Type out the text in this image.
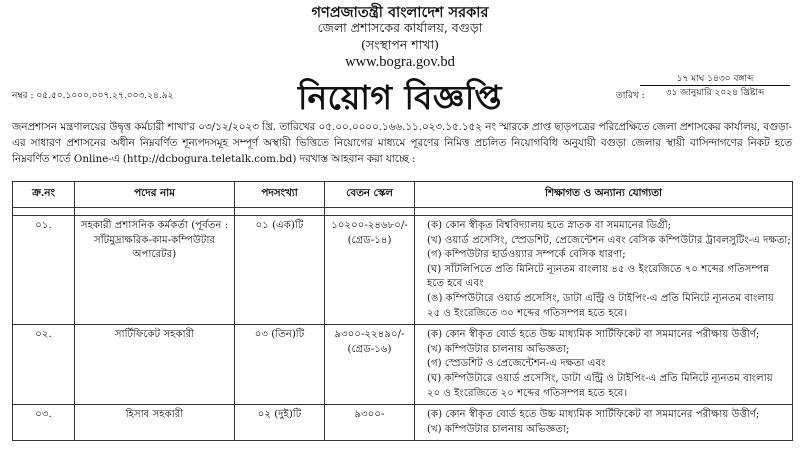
গণপ্রজাতন্ত্রী বাংলাদেশ সরকার
জেলা প্রশাসকের কার্যালয়, বগুড়া
(সংস্থাপন শাখা)
www.bogra.gov.bd
নম্বর : ০৫.৫০.১০০০.০০৭.২৭.০০৩.২৪.৯২	নিয়োগ বিজ্ঞপ্তি	তারিখ :
১৭ মাঘ ১৪৩০ বঙ্গাব্দ
৩১ জানুয়ারি ২০২৪ খ্রিষ্টাব্দ

জনপ্রশাসন মন্ত্রণালয়ের উদ্বৃত্ত কর্মচারী শাখা'র ০৩/১২/২০২৩ খ্রি. তারিখের ০৫.০০.০০০০.১৬৬.১১.০২৩.১৫.১৫২ নং স্মারকে প্রাপ্ত ছাড়পত্রের পরিপ্রেক্ষিতে জেলা প্রশাসকের কার্যালয়, বগুড়া-এর সাধারণ প্রশাসনের অধীন নিম্নবর্ণিত শূন্যপদসমূহ সম্পূর্ণ অস্থায়ী ভিত্তিতে নিয়োগের মাধ্যমে পূরণের নিমিত্ত প্রচলিত নিয়োগবিধি অনুযায়ী বগুড়া জেলার স্থায়ী বাসিন্দাগণের নিকট হতে নিম্নবর্ণিত শর্তে Online-এ (http://dcbogura.teletalk.com.bd) দরখাস্ত আহবান করা যাচ্ছে :

ক্র.নং	পদের নাম	পদসংখ্যা	বেতন স্কেল	শিক্ষাগত ও অন্যান্য যোগ্যতা

০১.	সহকারী প্রশাসনিক কর্মকর্তা (পূর্বতন : সাঁটমুদ্রাক্ষরিক-কাম-কম্পিউটার অপারেটর)	০১ (এক)টি	১০২০০-২৪৬৮০/-
(গ্রেড-১৪)	(ক) কোন স্বীকৃত বিশ্ববিদ্যালয় হতে স্নাতক বা সমমানের ডিগ্রী;
(খ) ওয়ার্ড প্রসেসিং, স্প্রেডশিট, প্রেজেন্টেশন এবং বেসিক কম্পিউটার ট্রাবলসুটিং-এ দক্ষতা;
(গ) কম্পিউটার হার্ডওয়্যার সম্পর্কে বেসিক ধারণা;
(ঘ) সাঁটলিপিতে প্রতি মিনিটে ন্যূনতম বাংলায় ৪৫ ও ইংরেজিতে ৭০ শব্দের গতিসম্পন্ন হতে হবে এবং
(ঙ) কম্পিউটারে ওয়ার্ড প্রসেসিং, ডাটা এন্ট্রি ও টাইপিং-এ প্রতি মিনিটে ন্যূনতম বাংলায় ২৫ ও ইংরেজিতে ৩০ শব্দের গতিসম্পন্ন হতে হবে।

০২.	সার্টিফিকেট সহকারী	০৩ (তিন)টি	৯৩০০-২২৪৯০/-
(গ্রেড-১৬)	(ক) কোন স্বীকৃত বোর্ড হতে উচ্চ মাধ্যমিক সার্টিফিকেট বা সমমানের পরীক্ষায় উত্তীর্ণ;
(খ) কম্পিউটার চালনায় অভিজ্ঞতা;
(গ) স্প্রেডশিট ও প্রেজেন্টেশন-এ দক্ষতা এবং
(ঘ) কম্পিউটারে ওয়ার্ড প্রসেসিং, ডাটা এন্ট্রি ও টাইপিং-এ প্রতি মিনিটে ন্যূনতম বাংলায় ২০ ও ইংরেজিতে ২০ শব্দের গতিসম্পন্ন হতে হবে।

০৩.	হিসাব সহকারী	০২ (দুই)টি	৯৩০০-	(ক) কোন স্বীকৃত বোর্ড হতে উচ্চ মাধ্যমিক সার্টিফিকেট বা সমমানের পরীক্ষায় উত্তীর্ণ;
(খ) কম্পিউটার চালনায় অভিজ্ঞতা;
